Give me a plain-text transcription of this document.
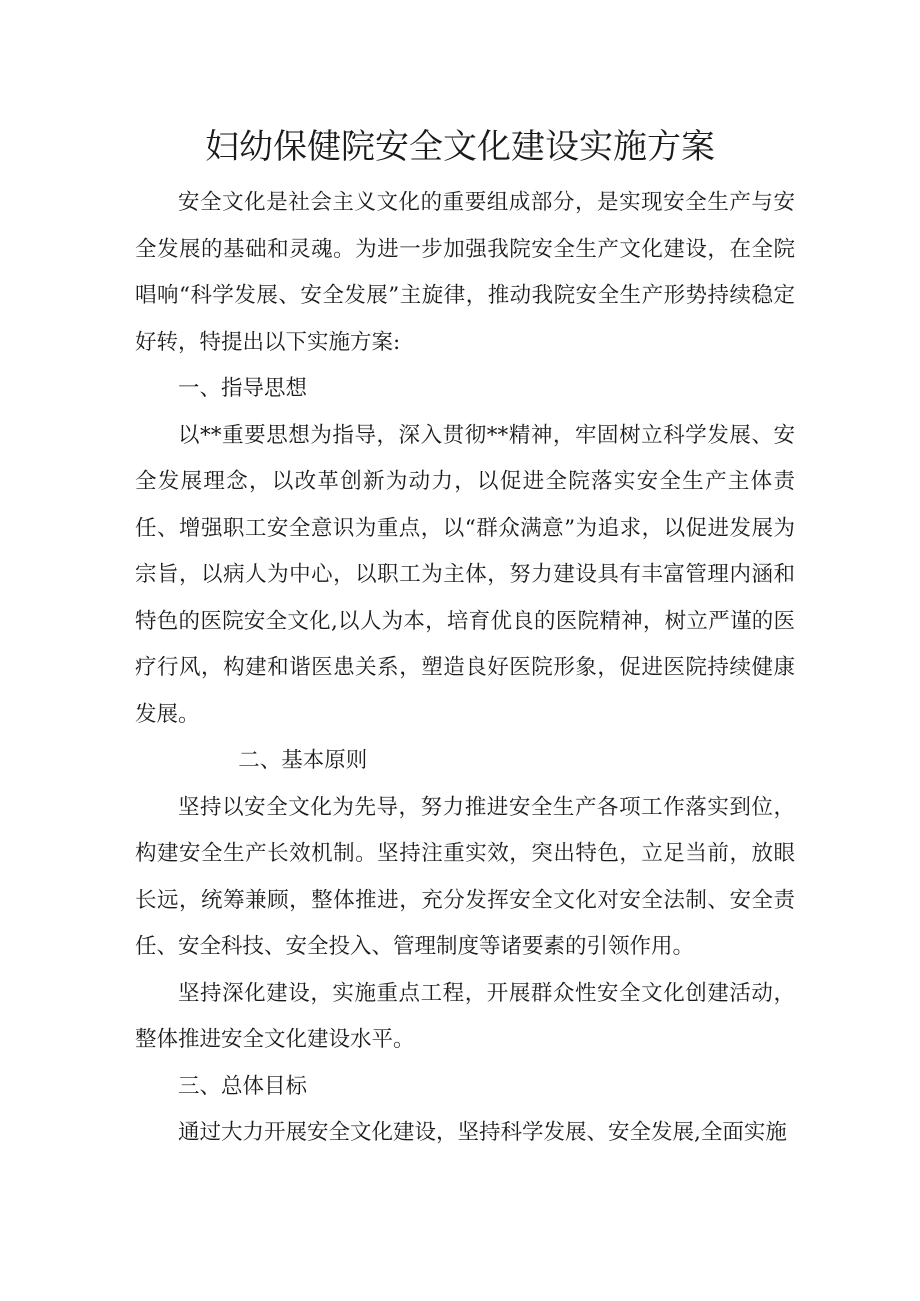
妇幼保健院安全文化建设实施方案

安全文化是社会主义文化的重要组成部分，是实现安全生产与安全发展的基础和灵魂。为进一步加强我院安全生产文化建设，在全院唱响“科学发展、安全发展”主旋律，推动我院安全生产形势持续稳定好转，特提出以下实施方案:

一、指导思想

以**重要思想为指导，深入贯彻**精神，牢固树立科学发展、安全发展理念，以改革创新为动力，以促进全院落实安全生产主体责任、增强职工安全意识为重点，以“群众满意”为追求，以促进发展为宗旨，以病人为中心，以职工为主体，努力建设具有丰富管理内涵和特色的医院安全文化,以人为本，培育优良的医院精神，树立严谨的医疗行风，构建和谐医患关系，塑造良好医院形象，促进医院持续健康发展。

二、基本原则

坚持以安全文化为先导，努力推进安全生产各项工作落实到位，构建安全生产长效机制。坚持注重实效，突出特色，立足当前，放眼长远，统筹兼顾，整体推进，充分发挥安全文化对安全法制、安全责任、安全科技、安全投入、管理制度等诸要素的引领作用。

坚持深化建设，实施重点工程，开展群众性安全文化创建活动，整体推进安全文化建设水平。

三、总体目标

通过大力开展安全文化建设，坚持科学发展、安全发展,全面实施
